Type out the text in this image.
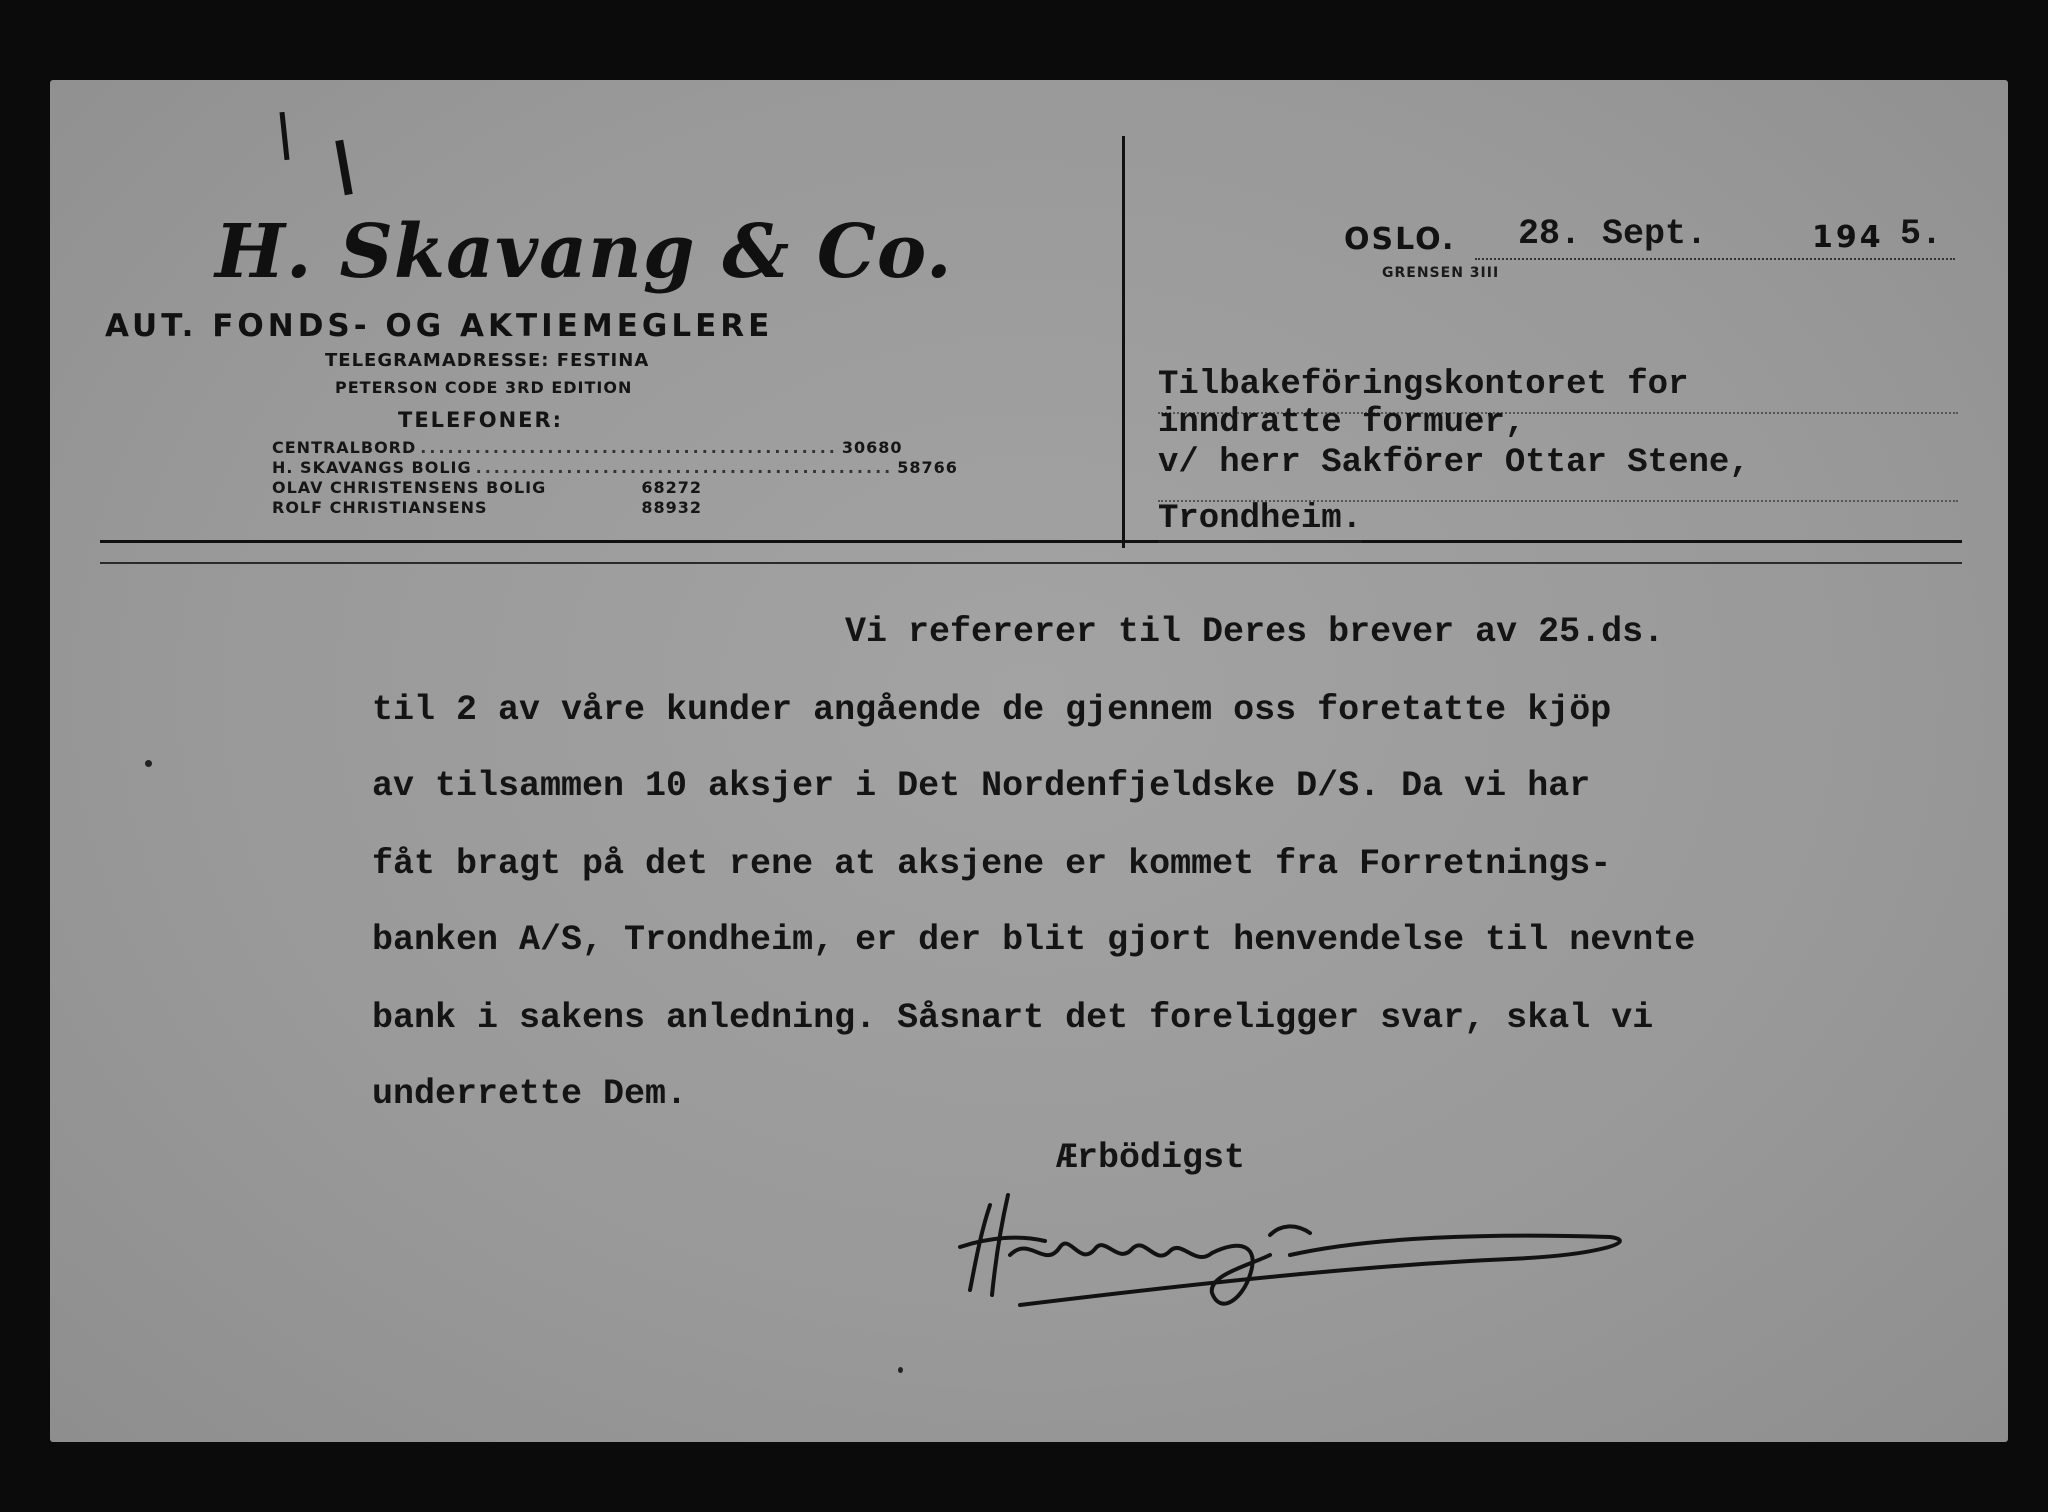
H. Skavang & Co.
AUT. FONDS- OG AKTIEMEGLERE
TELEGRAMADRESSE: FESTINA
PETERSON CODE 3RD EDITION
TELEFONER:
CENTRALBORD .............................................. 30680
H. SKAVANGS BOLIG .............................................. 58766
OLAV CHRISTENSENS BOLIG	68272
ROLF CHRISTIANSENS	88932
OSLO.
GRENSEN 3III
28. Sept.	194 5.
Tilbakeföringskontoret for
inndratte formuer,
v/ herr Sakförer Ottar Stene,
Trondheim.
Vi refererer til Deres brever av 25.ds.
til 2 av våre kunder angående de gjennem oss foretatte kjöp
av tilsammen 10 aksjer i Det Nordenfjeldske D/S. Da vi har
fåt bragt på det rene at aksjene er kommet fra Forretnings-
banken A/S, Trondheim, er der blit gjort henvendelse til nevnte
bank i sakens anledning. Såsnart det foreligger svar, skal vi
underrette Dem.
Ærbödigst
